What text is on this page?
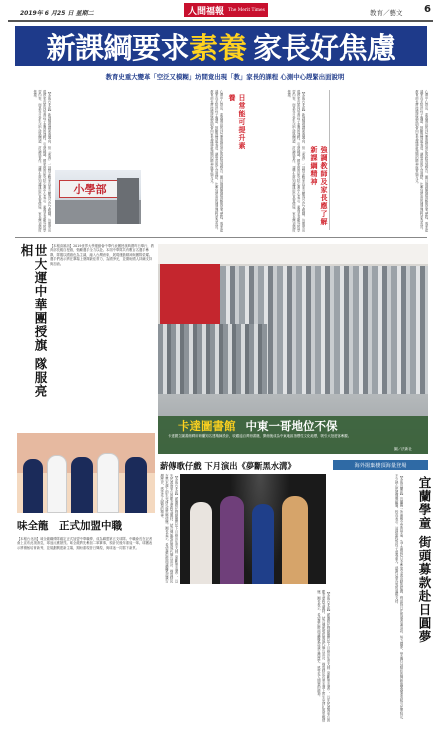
2019年 6 月25 日 星期二	人間福報 The Merit Times	教育／藝文 6
新課綱要求 素養 家長好焦慮
教育史重大變革「空泛又模糊」坊間竟出現「教」家長的課程 心測中心趕緊出面說明
心測中心指出，素養導向的評量重視情境化與跨領域整合，題目強調閱讀理解與思考歷程。專家建議家長多陪伴孩子閱讀、鼓勵提問與表達，讓學習與生活連結，比參加昂貴的補習課程更為有效。教育部也將持續透過說明會向家長溝通新課綱的精神與實施方式。
強調教師及家長應了解新課綱精神
【本報台北訊】新課綱強調素養導向，但「素養」一詞對多數家長而言顯得空泛又模糊。坊間竟出現教家長如何培養孩子素養的課程，引發熱議。國家教育研究院心測中心表示，素養並非額外的學習內容，而是在日常生活中透過閱讀、討論與實作，讓學生將知識運用於真實情境，家長無須過度焦慮。
日常能可提升素養
心測中心指出，素養導向的評量重視情境化與跨領域整合，題目強調閱讀理解與思考歷程。專家建議家長多陪伴孩子閱讀、鼓勵提問與表達，讓學習與生活連結，比參加昂貴的補習課程更為有效。教育部也將持續透過說明會向家長溝通新課綱的精神與實施方式。
【本報台北訊】新課綱強調素養導向，但「素養」一詞對多數家長而言顯得空泛又模糊。坊間竟出現教家長如何培養孩子素養的課程，引發熱議。國家教育研究院心測中心表示，素養並非額外的學習內容，而是在日常生活中透過閱讀、討論與實作，讓學生將知識運用於真實情境，家長無須過度焦慮。
小學部
【本報高雄訊】2019世界大學運動會中華代表團授旗典禮昨日舉行，教育部長親自授旗，勉勵選手全力以赴。本屆中華隊共有數百名選手參賽，隊服以國旗色為主調，融入台灣意象，展現運動精神與團隊榮耀。選手們表示將在賽場上發揮最佳實力，為國爭光，並期盼國人持續支持與加油。
世大運中華團授旗 隊服亮相
味全龍　正式加盟中職
【本報台北訊】味全龍職棒隊確定正式加盟中華職棒，成為聯盟第五支球隊。中職會長在記者會上宣布此項消息，球迷反應熱烈。味全龍將先參加二軍賽事，預計於後年重返一軍。球團表示將積極培育新秀，並規劃興建新主場，期盼重現昔日輝煌，與球迷一同寫下新頁。
卡達圖書館 中東一哥地位不保
卡達國立圖書館聘用荷蘭知名建築師設計，收藏逾百萬冊書籍，開館後成為中東地區指標性文化地標，吸引大批遊客參觀。
圖／法新社
薪傳歌仔戲 下月演出《夢斷黑水溝》
【本報台北訊】薪傳歌仔戲劇團將於下月推出年度大戲《夢斷黑水溝》，以先民渡海來台的艱辛歷程為題材，結合傳統唱腔與現代舞台設計，描寫移民在黑水溝上的生死掙扎與思鄉情懷。團長表示，希望藉由戲曲讓觀眾認識台灣歷史，感受先人開墾的精神。
【本報台北訊】薪傳歌仔戲劇團將於下月推出年度大戲《夢斷黑水溝》，以先民渡海來台的艱辛歷程為題材，結合傳統唱腔與現代舞台設計，描寫移民在黑水溝上的生死掙扎與思鄉情懷。團長表示，希望藉由戲曲讓觀眾認識台灣歷史，感受先人開墾的精神。
海外揚棄棲頂海量登場
【本報宜蘭訊】宜蘭縣一所偏鄉小學的學童，為了籌措赴日本參加交流活動的經費，利用假日在街頭表演募款，努力圓夢。學童們以精彩的舞蹈與樂器演奏吸引民眾駐足，不少熱心民眾慷慨解囊。校長表示，這趟旅程對孩子意義重大，感謝社會各界的溫暖支持。	宜蘭學童 街頭募款赴日圓夢
